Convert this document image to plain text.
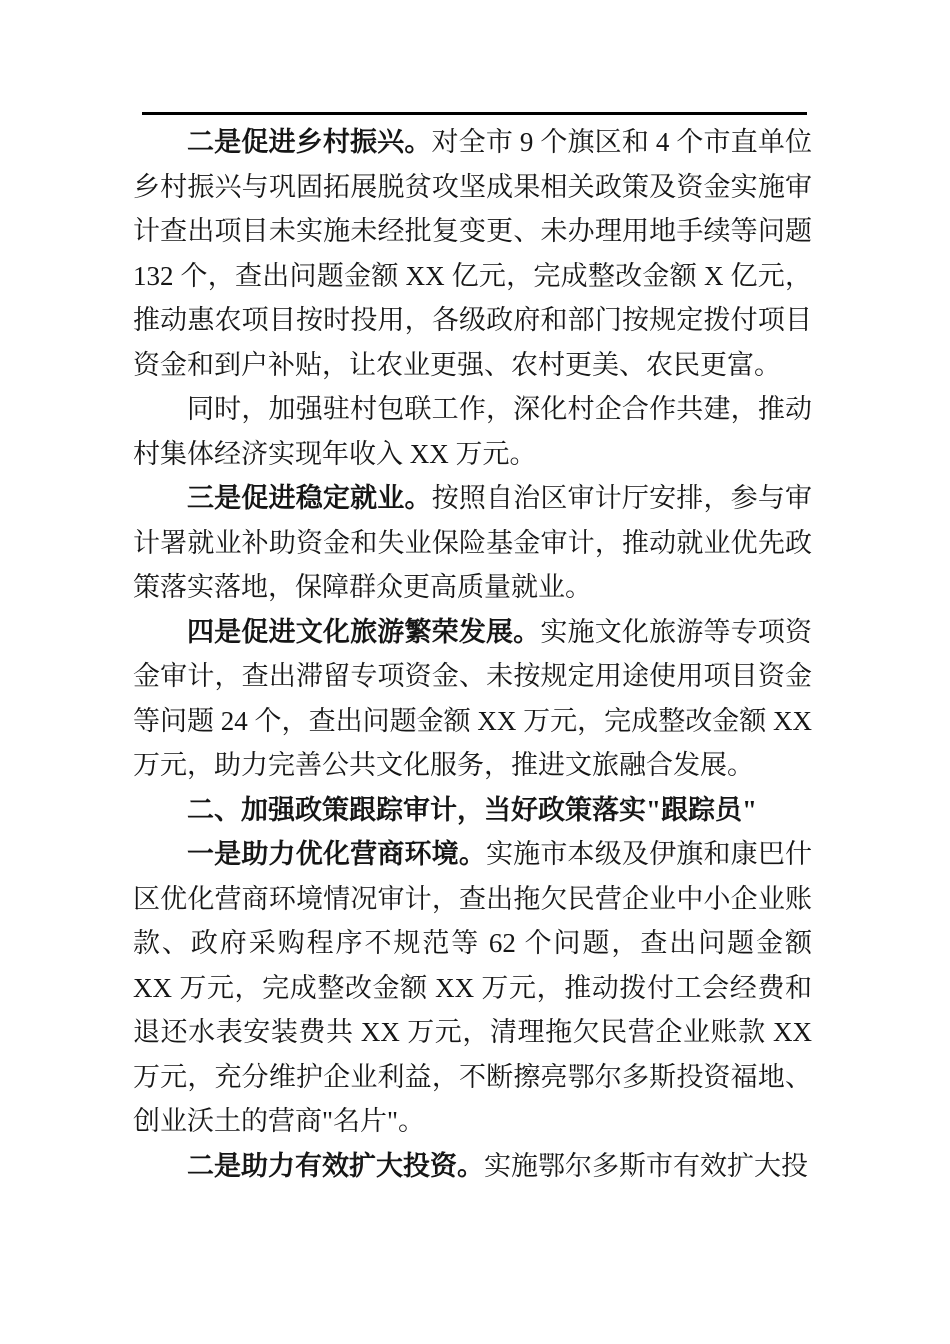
二是促进乡村振兴。对全市 9 个旗区和 4 个市直单位乡村振兴与巩固拓展脱贫攻坚成果相关政策及资金实施审计查出项目未实施未经批复变更、未办理用地手续等问题 132 个，查出问题金额 XX 亿元，完成整改金额 X 亿元，推动惠农项目按时投用，各级政府和部门按规定拨付项目资金和到户补贴，让农业更强、农村更美、农民更富。

同时，加强驻村包联工作，深化村企合作共建，推动村集体经济实现年收入 XX 万元。

三是促进稳定就业。按照自治区审计厅安排，参与审计署就业补助资金和失业保险基金审计，推动就业优先政策落实落地，保障群众更高质量就业。

四是促进文化旅游繁荣发展。实施文化旅游等专项资金审计，查出滞留专项资金、未按规定用途使用项目资金等问题 24 个，查出问题金额 XX 万元，完成整改金额 XX 万元，助力完善公共文化服务，推进文旅融合发展。

二、加强政策跟踪审计，当好政策落实"跟踪员"

一是助力优化营商环境。实施市本级及伊旗和康巴什区优化营商环境情况审计，查出拖欠民营企业中小企业账款、政府采购程序不规范等 62 个问题，查出问题金额 XX 万元，完成整改金额 XX 万元，推动拨付工会经费和退还水表安装费共 XX 万元，清理拖欠民营企业账款 XX 万元，充分维护企业利益，不断擦亮鄂尔多斯投资福地、创业沃土的营商"名片"。

二是助力有效扩大投资。实施鄂尔多斯市有效扩大投
